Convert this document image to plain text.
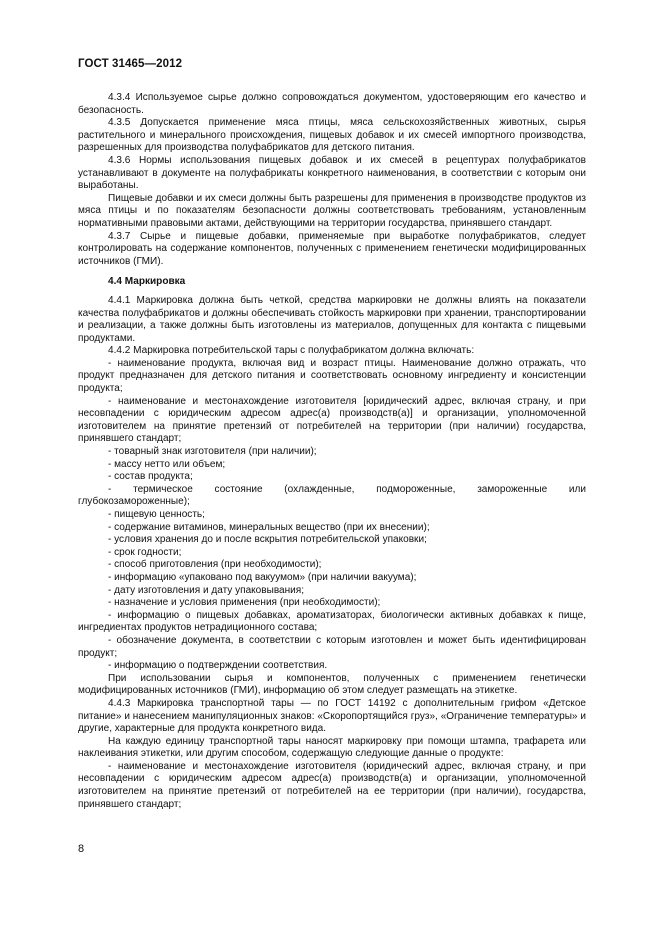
ГОСТ 31465—2012

4.3.4 Используемое сырье должно сопровождаться документом, удостоверяющим его качество и безопасность.

4.3.5 Допускается применение мяса птицы, мяса сельскохозяйственных животных, сырья растительного и минерального происхождения, пищевых добавок и их смесей импортного производства, разрешенных для производства полуфабрикатов для детского питания.

4.3.6 Нормы использования пищевых добавок и их смесей в рецептурах полуфабрикатов устанавливают в документе на полуфабрикаты конкретного наименования, в соответствии с которым они выработаны.

Пищевые добавки и их смеси должны быть разрешены для применения в производстве продуктов из мяса птицы и по показателям безопасности должны соответствовать требованиям, установленным нормативными правовыми актами, действующими на территории государства, принявшего стандарт.

4.3.7 Сырье и пищевые добавки, применяемые при выработке полуфабрикатов, следует контролировать на содержание компонентов, полученных с применением генетически модифицированных источников (ГМИ).

4.4 Маркировка

4.4.1 Маркировка должна быть четкой, средства маркировки не должны влиять на показатели качества полуфабрикатов и должны обеспечивать стойкость маркировки при хранении, транспортировании и реализации, а также должны быть изготовлены из материалов, допущенных для контакта с пищевыми продуктами.

4.4.2 Маркировка потребительской тары с полуфабрикатом должна включать:

- наименование продукта, включая вид и возраст птицы. Наименование должно отражать, что продукт предназначен для детского питания и соответствовать основному ингредиенту и консистенции продукта;

- наименование и местонахождение изготовителя [юридический адрес, включая страну, и при несовпадении с юридическим адресом адрес(а) производств(а)] и организации, уполномоченной изготовителем на принятие претензий от потребителей на территории (при наличии) государства, принявшего стандарт;

- товарный знак изготовителя (при наличии);

- массу нетто или объем;

- состав продукта;

- термическое состояние (охлажденные, подмороженные, замороженные или глубокозамороженные);

- пищевую ценность;

- содержание витаминов, минеральных вещество (при их внесении);

- условия хранения до и после вскрытия потребительской упаковки;

- срок годности;

- способ приготовления (при необходимости);

- информацию «упаковано под вакуумом» (при наличии вакуума);

- дату изготовления и дату упаковывания;

- назначение и условия применения (при необходимости);

- информацию о пищевых добавках, ароматизаторах, биологически активных добавках к пище, ингредиентах продуктов нетрадиционного состава;

- обозначение документа, в соответствии с которым изготовлен и может быть идентифицирован продукт;

- информацию о подтверждении соответствия.

При использовании сырья и компонентов, полученных с применением генетически модифицированных источников (ГМИ), информацию об этом следует размещать на этикетке.

4.4.3 Маркировка транспортной тары — по ГОСТ 14192 с дополнительным грифом «Детское питание» и нанесением манипуляционных знаков: «Скоропортящийся груз», «Ограничение температуры» и другие, характерные для продукта конкретного вида.

На каждую единицу транспортной тары наносят маркировку при помощи штампа, трафарета или наклеивания этикетки, или другим способом, содержащую следующие данные о продукте:

- наименование и местонахождение изготовителя (юридический адрес, включая страну, и при несовпадении с юридическим адресом адрес(а) производств(а) и организации, уполномоченной изготовителем на принятие претензий от потребителей на ее территории (при наличии), государства, принявшего стандарт;

8
